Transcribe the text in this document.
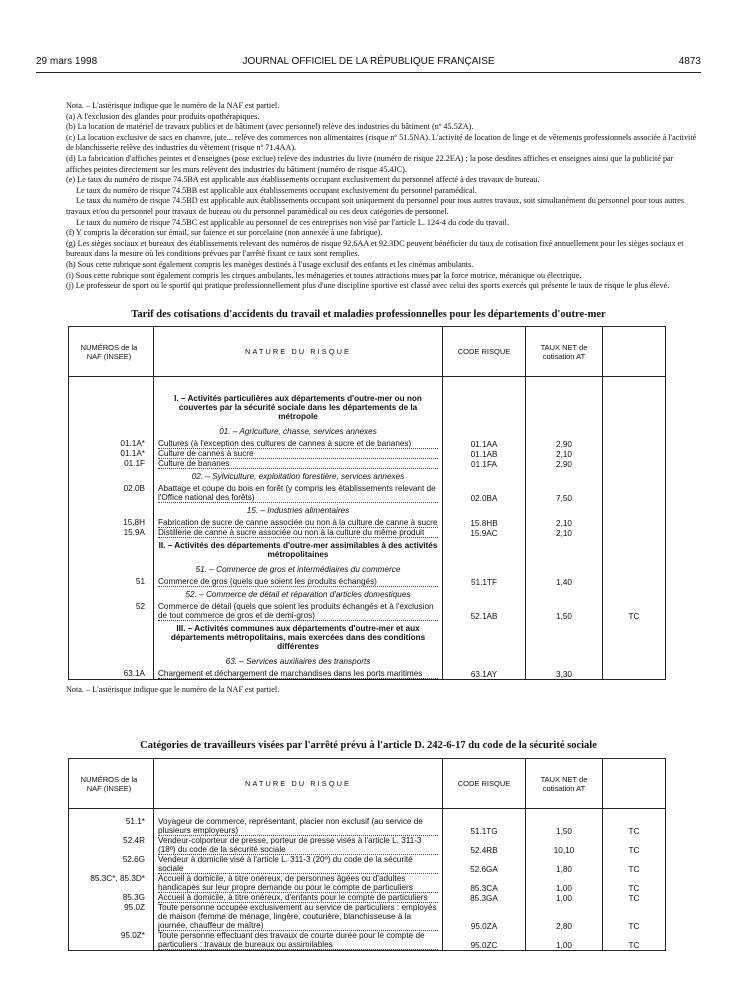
29 mars 1998	JOURNAL OFFICIEL DE LA RÉPUBLIQUE FRANÇAISE	4873

Nota. – L'astérisque indique que le numéro de la NAF est partiel.

(a) A l'exclusion des glandes pour produits opothérapiques.

(b) La location de matériel de travaux publics et de bâtiment (avec personnel) relève des industries du bâtiment (nº 45.5ZA).

(c) La location exclusive de sacs en chanvre, jute... relève des commerces non alimentaires (risque nº 51.5NA). L'activité de location de linge et de vêtements professionnels associée à l'activité de blanchisserie relève des industries du vêtement (risque nº 71.4AA).

(d) La fabrication d'affiches peintes et d'enseignes (pose exclue) relève des industries du livre (numéro de risque 22.2EA) ; la pose desdites affiches et enseignes ainsi que la publicité par affiches peintes directement sur les murs relèvent des industries du bâtiment (numéro de risque 45.4JC).

(e) Le taux du numéro de risque 74.5BA est applicable aux établissements occupant exclusivement du personnel affecté à des travaux de bureau.

Le taux du numéro de risque 74.5BB est applicable aux établissements occupant exclusivement du personnel paramédical.

Le taux du numéro de risque 74.5BD est applicable aux établissements occupant soit uniquement du personnel pour tous autres travaux, soit simultanément du personnel pour tous autres travaux et/ou du personnel pour travaux de bureau ou du personnel paramédical ou ces deux catégories de personnel.

Le taux du numéro de risque 74.5BC est applicable au personnel de ces entreprises non visé par l'article L. 124-4 du code du travail.

(f) Y compris la décoration sur émail, sur faïence et sur porcelaine (non annexée à une fabrique).

(g) Les sièges sociaux et bureaux des établissements relevant des numéros de risque 92.6AA et 92.3DC peuvent bénéficier du taux de cotisation fixé annuellement pour les sièges sociaux et bureaux dans la mesure où les conditions prévues par l'arrêté fixant ce taux sont remplies.

(h) Sous cette rubrique sont également compris les manèges destinés à l'usage exclusif des enfants et les cinémas ambulants.

(i) Sous cette rubrique sont également compris les cirques ambulants, les ménageries et toutes attractions mues par la force motrice, mécanique ou électrique.

(j) Le professeur de sport ou le sportif qui pratique professionnellement plus d'une discipline sportive est classé avec celui des sports exercés qui présente le taux de risque le plus élevé.

Tarif des cotisations d'accidents du travail et maladies professionnelles pour les départements d'outre-mer
NUMÉROS de la NAF (INSEE)	NATURE DU RISQUE	CODE RISQUE	TAUX NET de cotisation AT	

	I. – Activités particulières aux départements d'outre-mer ou non couvertes par la sécurité sociale dans les départements de la métropole			
	01. – Agriculture, chasse, services annexes			
01.1A*	Cultures (à l'exception des cultures de cannes à sucre et de bananes)	01.1AA	2,90	
01.1A*	Culture de cannes à sucre	01.1AB	2,10	
01.1F	Culture de bananes	01.1FA	2,90	
	02. – Sylviculture, exploitation forestière, services annexes			
02.0B	Abattage et coupe du bois en forêt (y compris les établissements relevant de l'Office national des forêts)	02.0BA	7,50	
	15. – Industries alimentaires			
15.8H	Fabrication de sucre de canne associée ou non à la culture de canne à sucre	15.8HB	2,10	
15.9A	Distillerie de canne à sucre associée ou non à la culture du même produit	15.9AC	2,10	
	II. – Activités des départements d'outre-mer assimilables à des activités métropolitaines			
	51. – Commerce de gros et intermédiaires du commerce			
51	Commerce de gros (quels que soient les produits échangés)	51.1TF	1,40	
	52. – Commerce de détail et réparation d'articles domestiques			
52	Commerce de détail (quels que soient les produits échangés et à l'exclusion de tout commerce de gros et de demi-gros)	52.1AB	1,50	TC
	III. – Activités communes aux départements d'outre-mer et aux départements métropolitains, mais exercées dans des conditions différentes			
	63. – Services auxiliaires des transports			
63.1A	Chargement et déchargement de marchandises dans les ports maritimes	63.1AY	3,30	
Nota. – L'astérisque indique que le numéro de la NAF est partiel.
Catégories de travailleurs visées par l'arrêté prévu à l'article D. 242-6-17 du code de la sécurité sociale
NUMÉROS de la NAF (INSEE)	NATURE DU RISQUE	CODE RISQUE	TAUX NET de cotisation AT	

51.1*	Voyageur de commerce, représentant, placier non exclusif (au service de plusieurs employeurs)	51.1TG	1,50	TC
52.4R	Vendeur-colporteur de presse, porteur de presse visés à l'article L. 311-3 (18º) du code de la sécurité sociale	52.4RB	10,10	TC
52.6G	Vendeur à domicile visé à l'article L. 311-3 (20º) du code de la sécurité sociale	52.6GA	1,80	TC
85.3C*, 85.3D*	Accueil à domicile, à titre onéreux, de personnes âgées ou d'adultes handicapés sur leur propre demande ou pour le compte de particuliers	85.3CA	1,00	TC
85.3G	Accueil à domicile, à titre onéreux, d'enfants pour le compte de particuliers	85.3GA	1,00	TC
95.0Z	Toute personne occupée exclusivement au service de particuliers : employés de maison (femme de ménage, lingère, couturière, blanchisseuse à la journée, chauffeur de maître)	95.0ZA	2,80	TC
95.0Z*	Toute personne effectuant des travaux de courte durée pour le compte de particuliers : travaux de bureaux ou assimilables	95.0ZC	1,00	TC
